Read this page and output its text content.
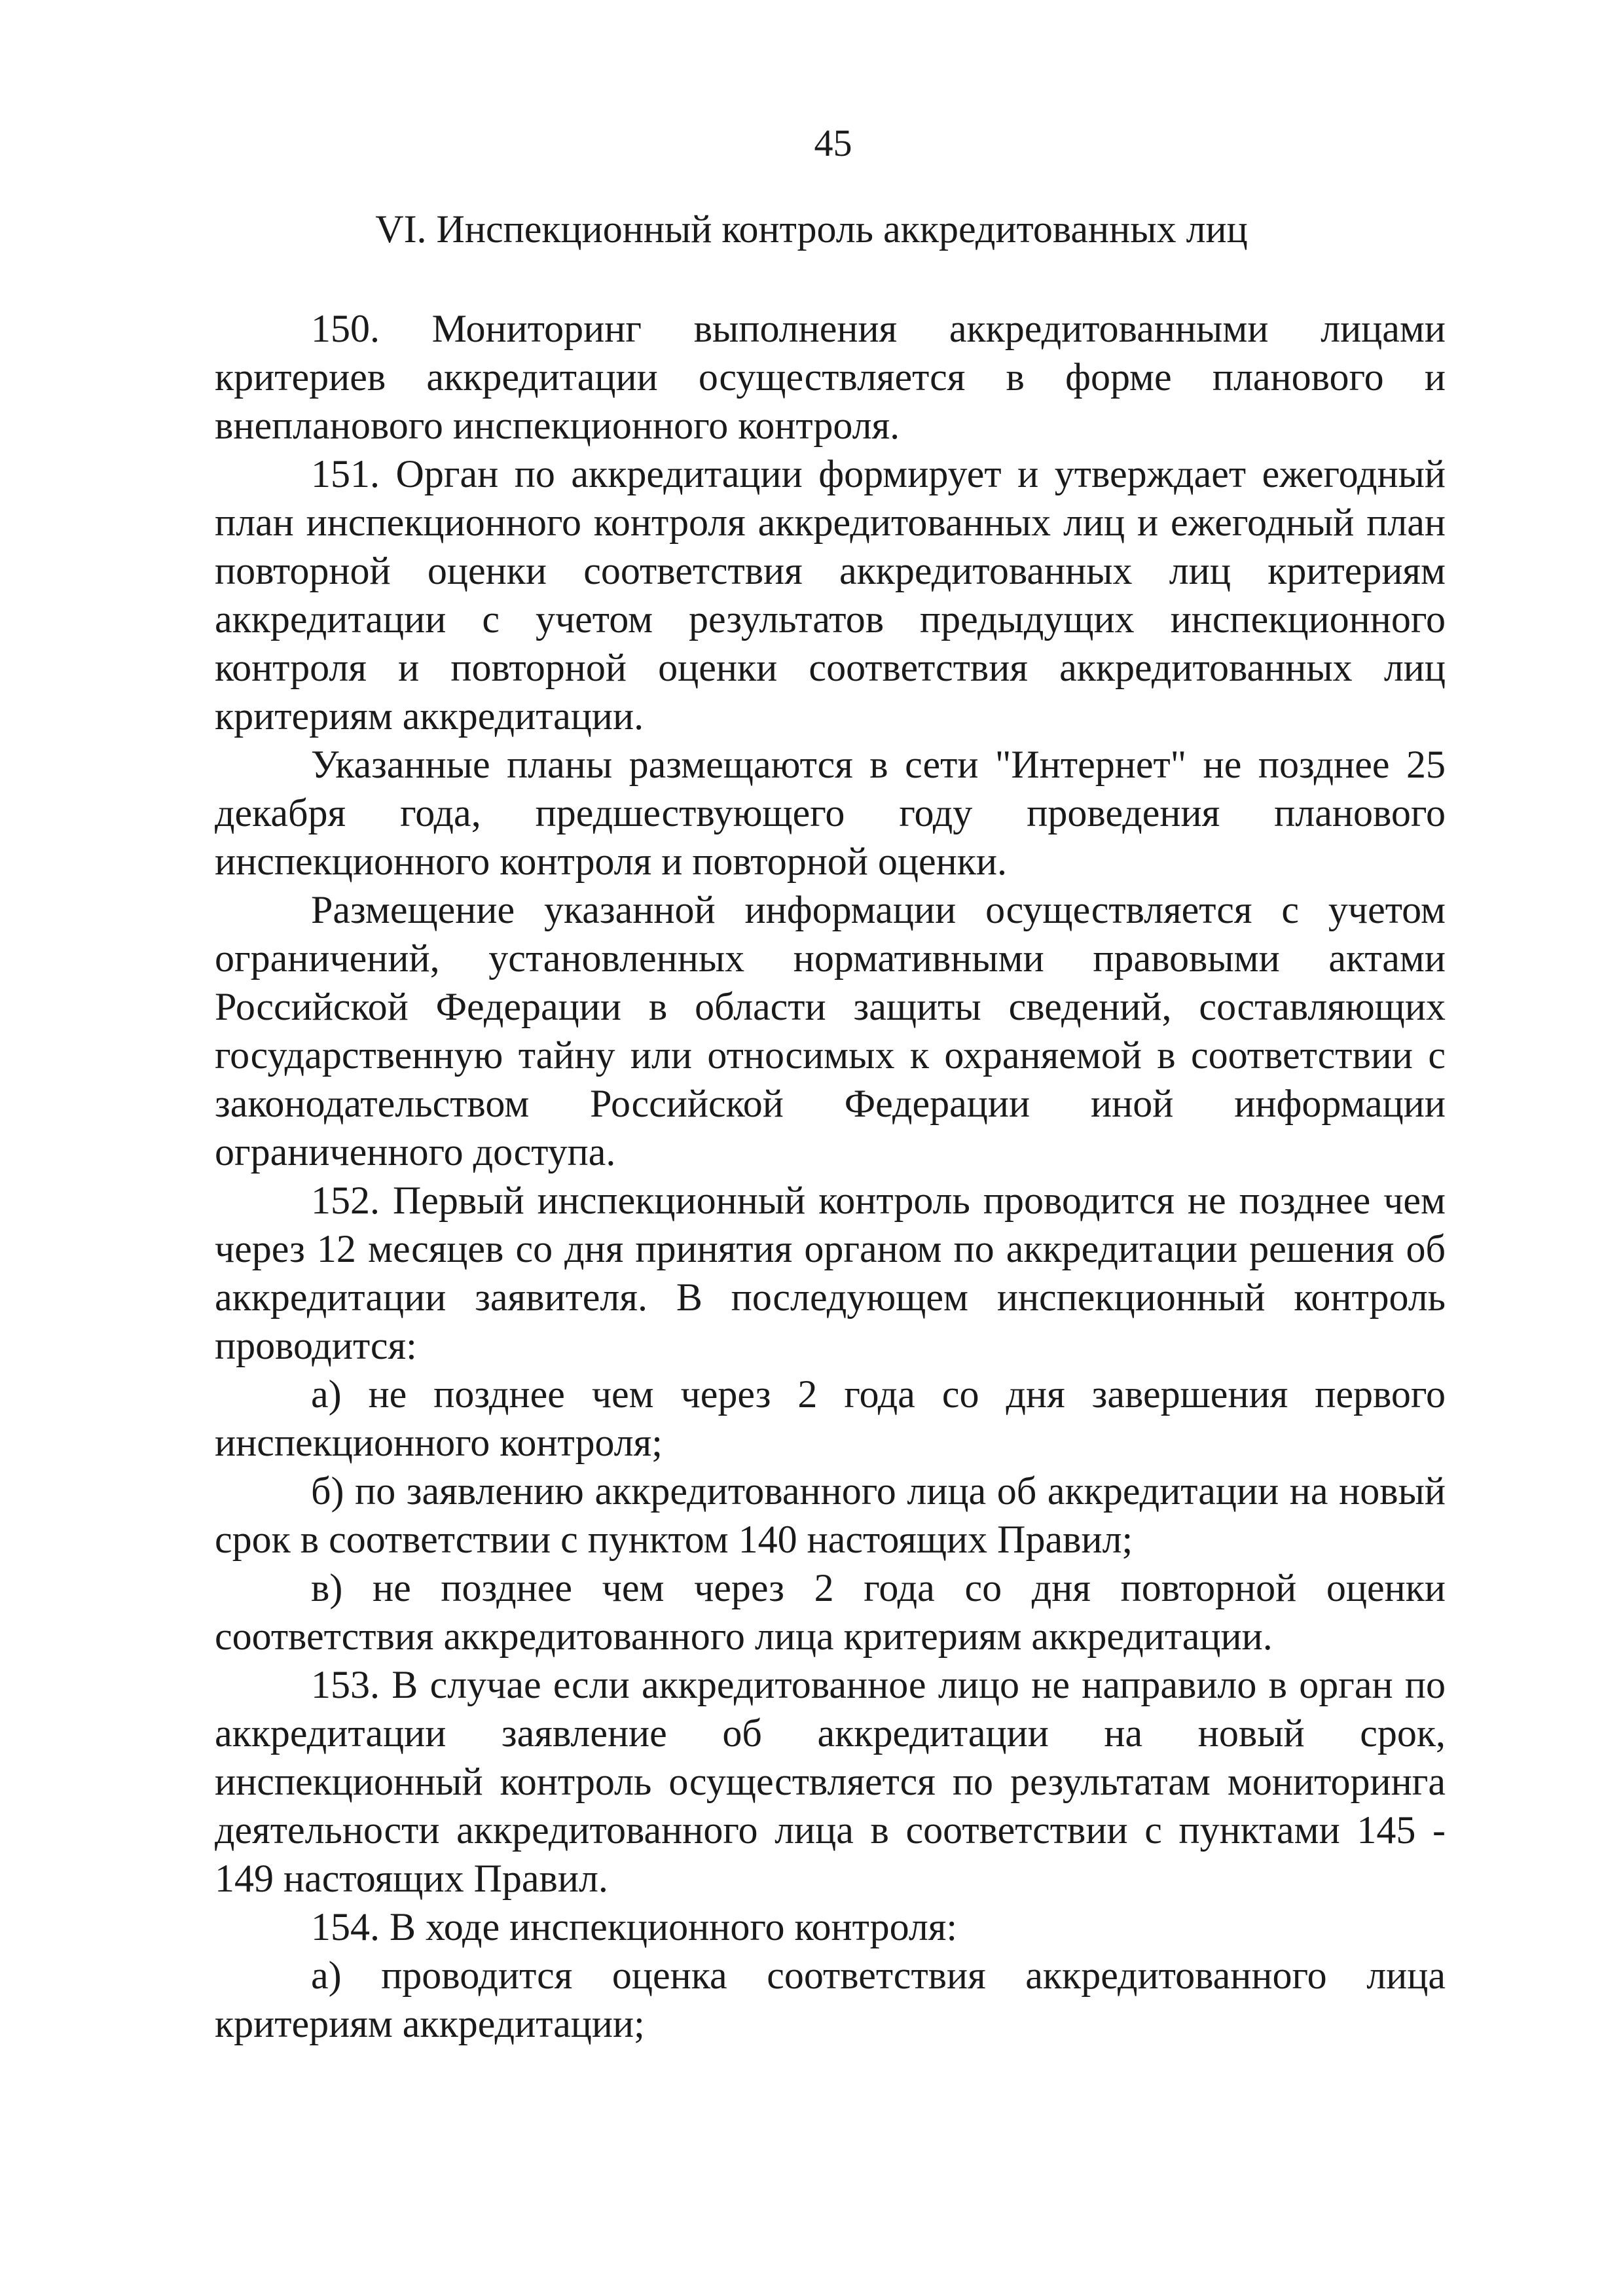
45
VI. Инспекционный контроль аккредитованных лиц

150. Мониторинг выполнения аккредитованными лицами критериев аккредитации осуществляется в форме планового и внепланового инспекционного контроля.

151. Орган по аккредитации формирует и утверждает ежегодный план инспекционного контроля аккредитованных лиц и ежегодный план повторной оценки соответствия аккредитованных лиц критериям аккредитации с учетом результатов предыдущих инспекционного контроля и повторной оценки соответствия аккредитованных лиц критериям аккредитации.

Указанные планы размещаются в сети "Интернет" не позднее 25 декабря года, предшествующего году проведения планового инспекционного контроля и повторной оценки.

Размещение указанной информации осуществляется с учетом ограничений, установленных нормативными правовыми актами Российской Федерации в области защиты сведений, составляющих государственную тайну или относимых к охраняемой в соответствии с законодательством Российской Федерации иной информации ограниченного доступа.

152. Первый инспекционный контроль проводится не позднее чем через 12 месяцев со дня принятия органом по аккредитации решения об аккредитации заявителя. В последующем инспекционный контроль проводится:

а) не позднее чем через 2 года со дня завершения первого инспекционного контроля;

б) по заявлению аккредитованного лица об аккредитации на новый срок в соответствии с пунктом 140 настоящих Правил;

в) не позднее чем через 2 года со дня повторной оценки соответствия аккредитованного лица критериям аккредитации.

153. В случае если аккредитованное лицо не направило в орган по аккредитации заявление об аккредитации на новый срок, инспекционный контроль осуществляется по результатам мониторинга деятельности аккредитованного лица в соответствии с пунктами 145 - 149 настоящих Правил.

154. В ходе инспекционного контроля:

а) проводится оценка соответствия аккредитованного лица критериям аккредитации;
